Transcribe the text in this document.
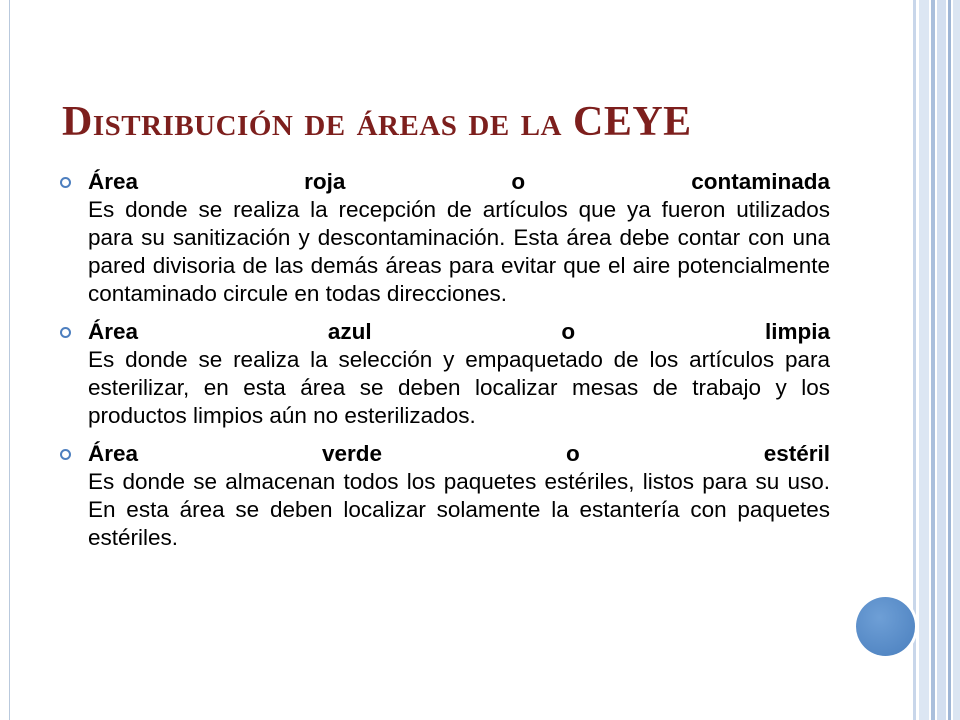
Distribución de áreas de la CEYE
Área	roja	o	contaminada
Es donde se realiza la recepción de artículos que ya fueron utilizados para su sanitización y descontaminación. Esta área debe contar con una pared divisoria de las demás áreas para evitar que el aire potencialmente contaminado circule en todas direcciones.
Área	azul	o	limpia
Es donde se realiza la selección y empaquetado de los artículos para esterilizar, en esta área se deben localizar mesas de trabajo y los productos limpios aún no esterilizados.
Área	verde	o	estéril
Es donde se almacenan todos los paquetes estériles, listos para su uso. En esta área se deben localizar solamente la estantería con paquetes estériles.
